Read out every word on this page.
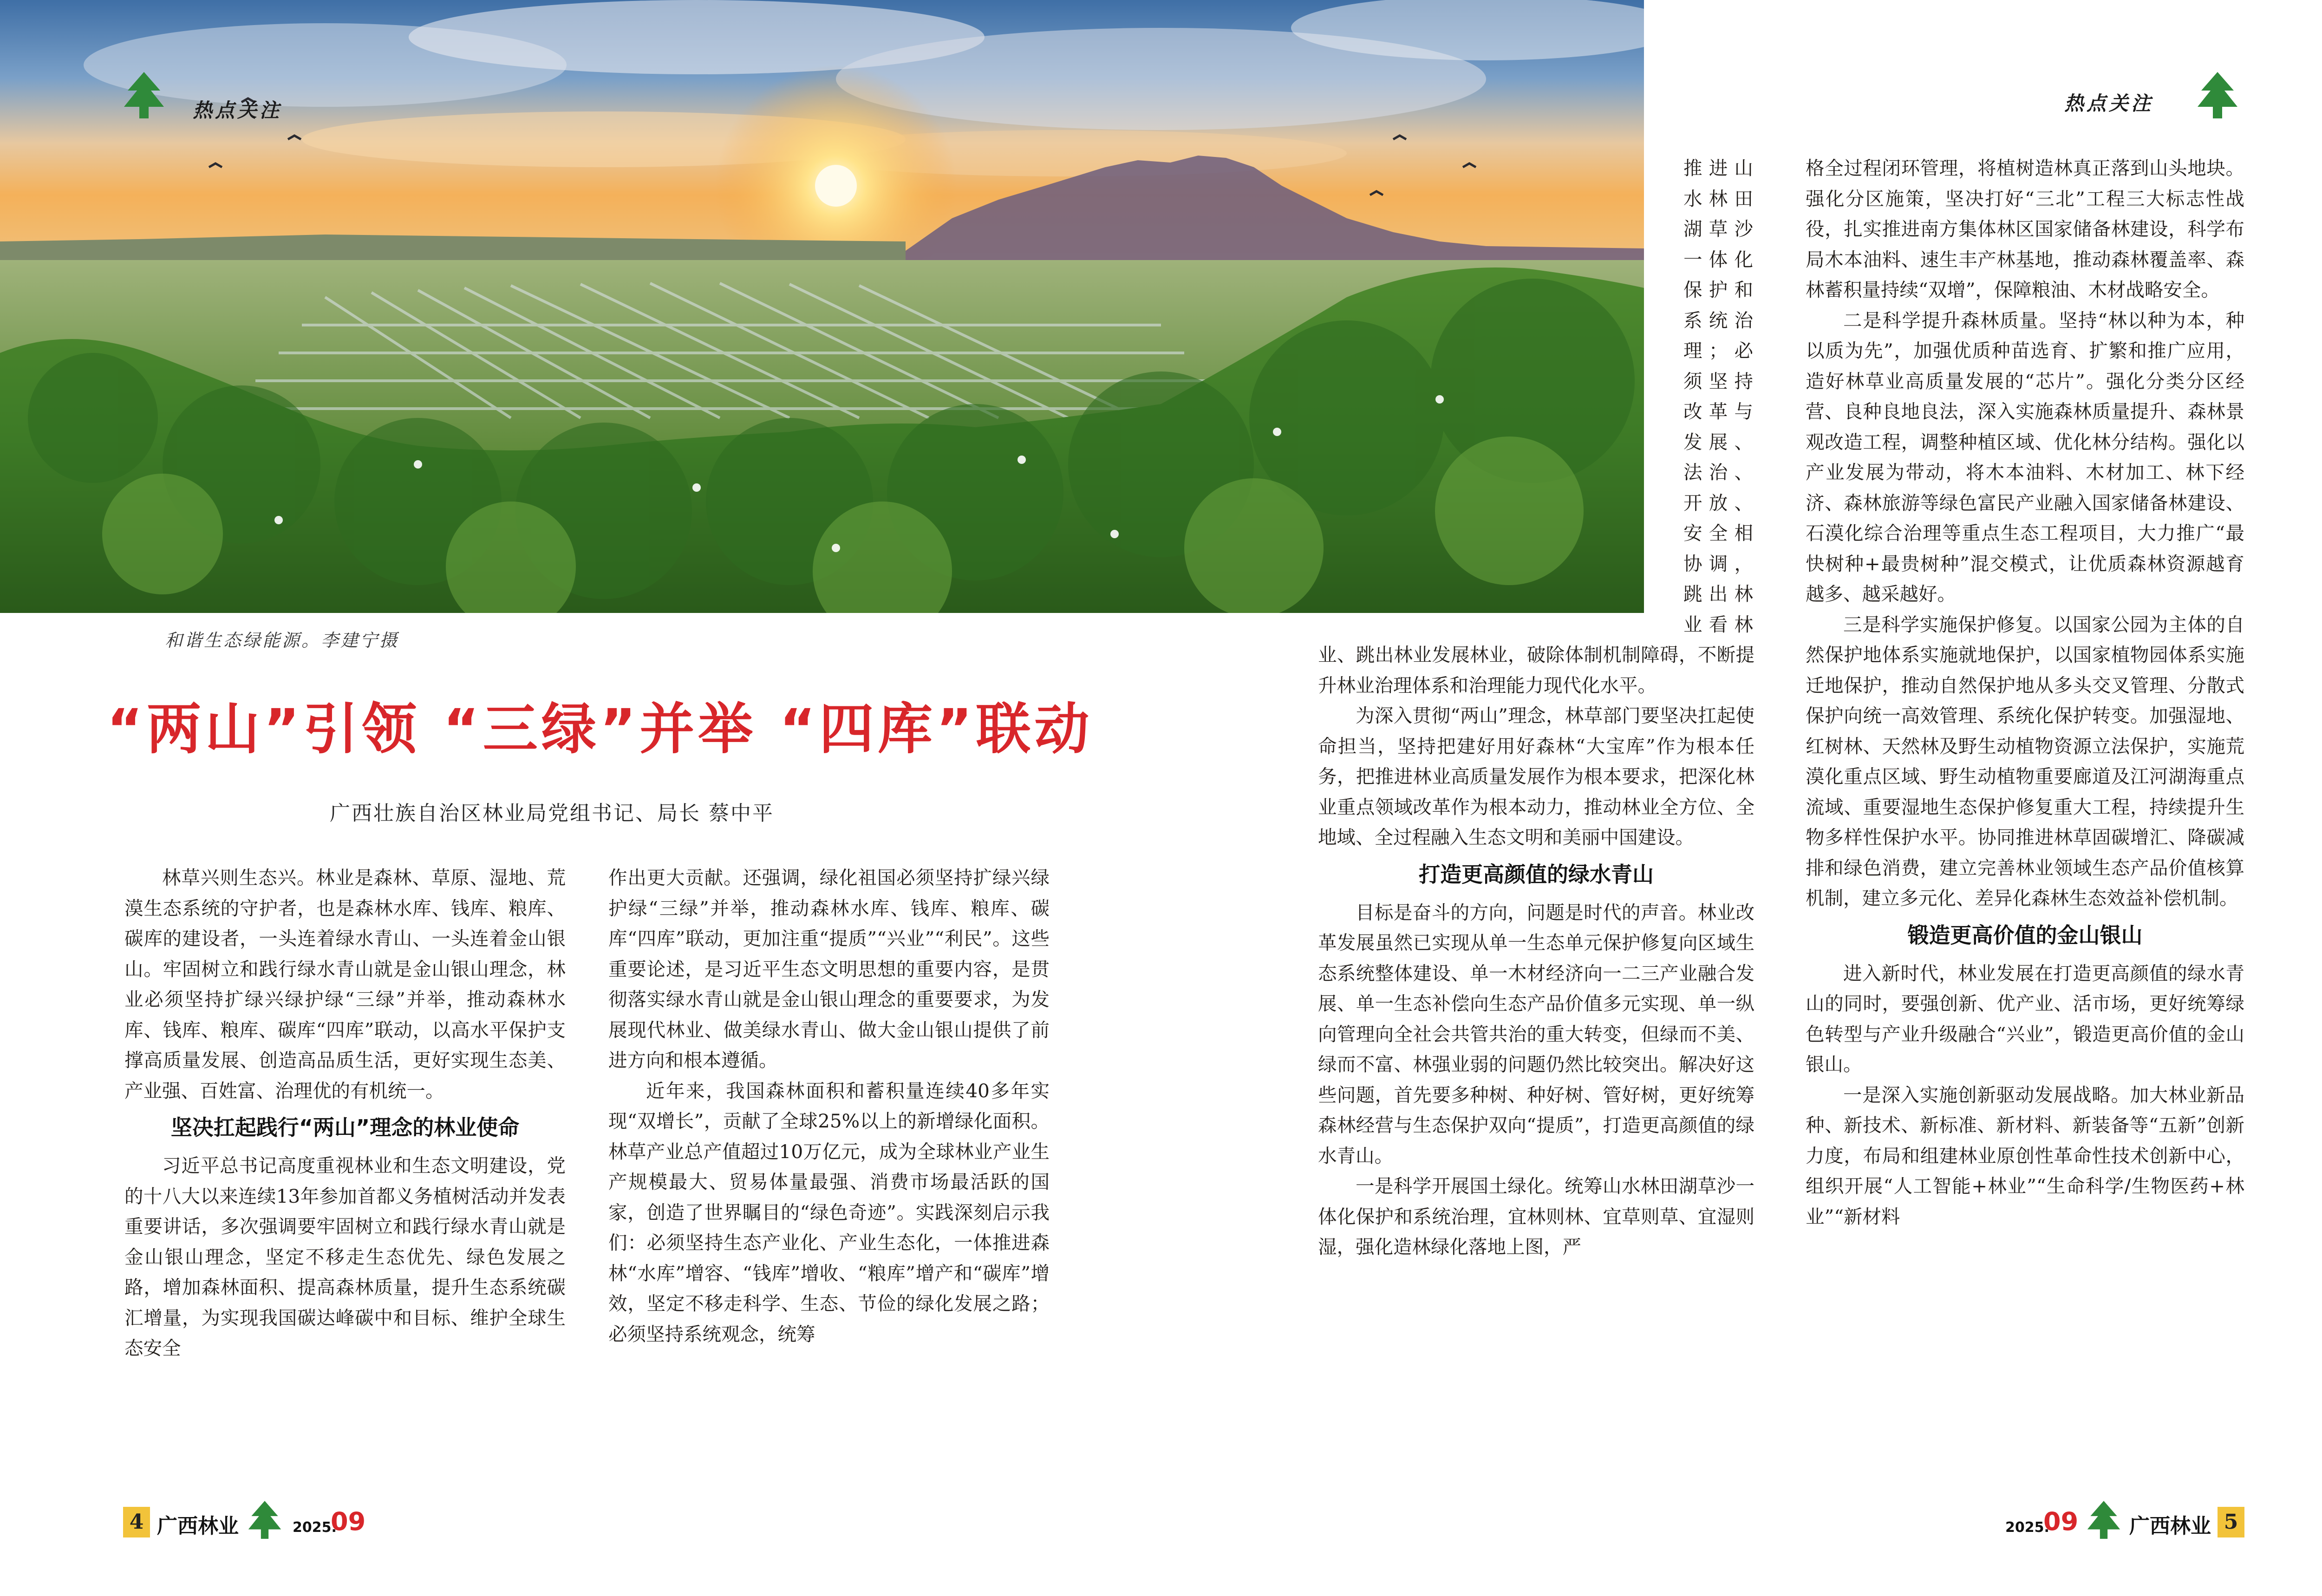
热点关注	热点关注
和谐生态绿能源。李建宁摄
“两山”引领 “三绿”并举 “四库”联动
广西壮族自治区林业局党组书记、局长 蔡中平

林草兴则生态兴。林业是森林、草原、湿地、荒漠生态系统的守护者，也是森林水库、钱库、粮库、碳库的建设者，一头连着绿水青山、一头连着金山银山。牢固树立和践行绿水青山就是金山银山理念，林业必须坚持扩绿兴绿护绿“三绿”并举，推动森林水库、钱库、粮库、碳库“四库”联动，以高水平保护支撑高质量发展、创造高品质生活，更好实现生态美、产业强、百姓富、治理优的有机统一。

坚决扛起践行“两山”理念的林业使命

习近平总书记高度重视林业和生态文明建设，党的十八大以来连续13年参加首都义务植树活动并发表重要讲话，多次强调要牢固树立和践行绿水青山就是金山银山理念，坚定不移走生态优先、绿色发展之路，增加森林面积、提高森林质量，提升生态系统碳汇增量，为实现我国碳达峰碳中和目标、维护全球生态安全

作出更大贡献。还强调，绿化祖国必须坚持扩绿兴绿护绿“三绿”并举，推动森林水库、钱库、粮库、碳库“四库”联动，更加注重“提质”“兴业”“利民”。这些重要论述，是习近平生态文明思想的重要内容，是贯彻落实绿水青山就是金山银山理念的重要要求，为发展现代林业、做美绿水青山、做大金山银山提供了前进方向和根本遵循。

近年来，我国森林面积和蓄积量连续40多年实现“双增长”，贡献了全球25%以上的新增绿化面积。林草产业总产值超过10万亿元，成为全球林业产业生产规模最大、贸易体量最强、消费市场最活跃的国家，创造了世界瞩目的“绿色奇迹”。实践深刻启示我们：必须坚持生态产业化、产业生态化，一体推进森林“水库”增容、“钱库”增收、“粮库”增产和“碳库”增效，坚定不移走科学、生态、节俭的绿化发展之路；必须坚持系统观念，统筹

推进山
水林田
湖草沙
一体化
保护和
系统治
理；必
须坚持
改革与
发展、
法治、
开放、
安全相
协调，
跳出林
业看林

业、跳出林业发展林业，破除体制机制障碍，不断提升林业治理体系和治理能力现代化水平。

为深入贯彻“两山”理念，林草部门要坚决扛起使命担当，坚持把建好用好森林“大宝库”作为根本任务，把推进林业高质量发展作为根本要求，把深化林业重点领域改革作为根本动力，推动林业全方位、全地域、全过程融入生态文明和美丽中国建设。

打造更高颜值的绿水青山

目标是奋斗的方向，问题是时代的声音。林业改革发展虽然已实现从单一生态单元保护修复向区域生态系统整体建设、单一木材经济向一二三产业融合发展、单一生态补偿向生态产品价值多元实现、单一纵向管理向全社会共管共治的重大转变，但绿而不美、绿而不富、林强业弱的问题仍然比较突出。解决好这些问题，首先要多种树、种好树、管好树，更好统筹森林经营与生态保护双向“提质”，打造更高颜值的绿水青山。

一是科学开展国土绿化。统筹山水林田湖草沙一体化保护和系统治理，宜林则林、宜草则草、宜湿则湿，强化造林绿化落地上图，严

格全过程闭环管理，将植树造林真正落到山头地块。强化分区施策，坚决打好“三北”工程三大标志性战役，扎实推进南方集体林区国家储备林建设，科学布局木本油料、速生丰产林基地，推动森林覆盖率、森林蓄积量持续“双增”，保障粮油、木材战略安全。

二是科学提升森林质量。坚持“林以种为本，种以质为先”，加强优质种苗选育、扩繁和推广应用，造好林草业高质量发展的“芯片”。强化分类分区经营、良种良地良法，深入实施森林质量提升、森林景观改造工程，调整种植区域、优化林分结构。强化以产业发展为带动，将木本油料、木材加工、林下经济、森林旅游等绿色富民产业融入国家储备林建设、石漠化综合治理等重点生态工程项目，大力推广“最快树种+最贵树种”混交模式，让优质森林资源越育越多、越采越好。

三是科学实施保护修复。以国家公园为主体的自然保护地体系实施就地保护，以国家植物园体系实施迁地保护，推动自然保护地从多头交叉管理、分散式保护向统一高效管理、系统化保护转变。加强湿地、红树林、天然林及野生动植物资源立法保护，实施荒漠化重点区域、野生动植物重要廊道及江河湖海重点流域、重要湿地生态保护修复重大工程，持续提升生物多样性保护水平。协同推进林草固碳增汇、降碳减排和绿色消费，建立完善林业领域生态产品价值核算机制，建立多元化、差异化森林生态效益补偿机制。

锻造更高价值的金山银山

进入新时代，林业发展在打造更高颜值的绿水青山的同时，要强创新、优产业、活市场，更好统筹绿色转型与产业升级融合“兴业”，锻造更高价值的金山银山。

一是深入实施创新驱动发展战略。加大林业新品种、新技术、新标准、新材料、新装备等“五新”创新力度，布局和组建林业原创性革命性技术创新中心，组织开展“人工智能+林业”“生命科学/生物医药+林业”“新材料

4 广西林业	2025.
09	2025.
09 广西林业 5
